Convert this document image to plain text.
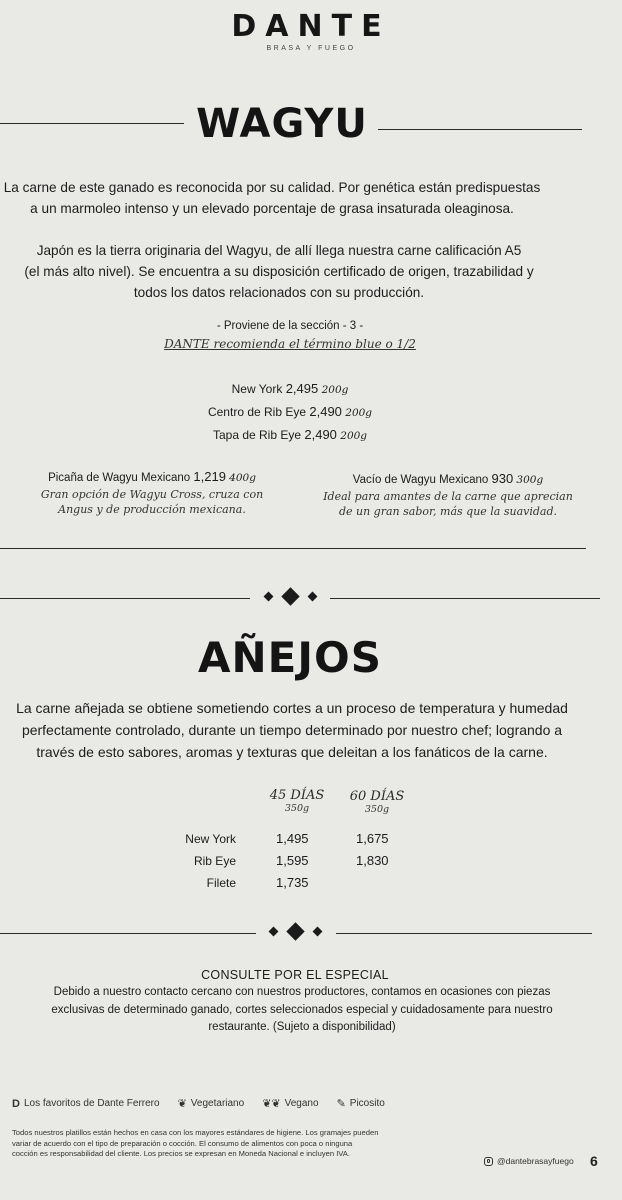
DANTE
BRASA Y FUEGO
WAGYU
La carne de este ganado es reconocida por su calidad. Por genética están predispuestas
a un marmoleo intenso y un elevado porcentaje de grasa insaturada oleaginosa.
Japón es la tierra originaria del Wagyu, de allí llega nuestra carne calificación A5
(el más alto nivel). Se encuentra a su disposición certificado de origen, trazabilidad y
todos los datos relacionados con su producción.
- Proviene de la sección - 3 -
DANTE recomienda el término blue o 1/2
New York 2,495 200g
Centro de Rib Eye 2,490 200g
Tapa de Rib Eye 2,490 200g
Picaña de Wagyu Mexicano 1,219 400g
Gran opción de Wagyu Cross, cruza con
Angus y de producción mexicana.
Vacío de Wagyu Mexicano 930 300g
Ideal para amantes de la carne que aprecian
de un gran sabor, más que la suavidad.
AÑEJOS
La carne añejada se obtiene sometiendo cortes a un proceso de temperatura y humedad
perfectamente controlado, durante un tiempo determinado por nuestro chef; logrando a
través de esto sabores, aromas y texturas que deleitan a los fanáticos de la carne.
45 DÍAS
350g
60 DÍAS
350g
New York
Rib Eye
Filete
1,495
1,595
1,735
1,675
1,830
CONSULTE POR EL ESPECIAL
Debido a nuestro contacto cercano con nuestros productores, contamos en ocasiones con piezas
exclusivas de determinado ganado, cortes seleccionados especial y cuidadosamente para nuestro
restaurante. (Sujeto a disponibilidad)
D Los favoritos de Dante Ferrero ❦ Vegetariano ❦❦ Vegano ✎ Picosito
Todos nuestros platillos están hechos en casa con los mayores estándares de higiene. Los gramajes pueden
variar de acuerdo con el tipo de preparación o cocción. El consumo de alimentos con poca o ninguna
cocción es responsabilidad del cliente. Los precios se expresan en Moneda Nacional e incluyen IVA.
@dantebrasayfuego 6
